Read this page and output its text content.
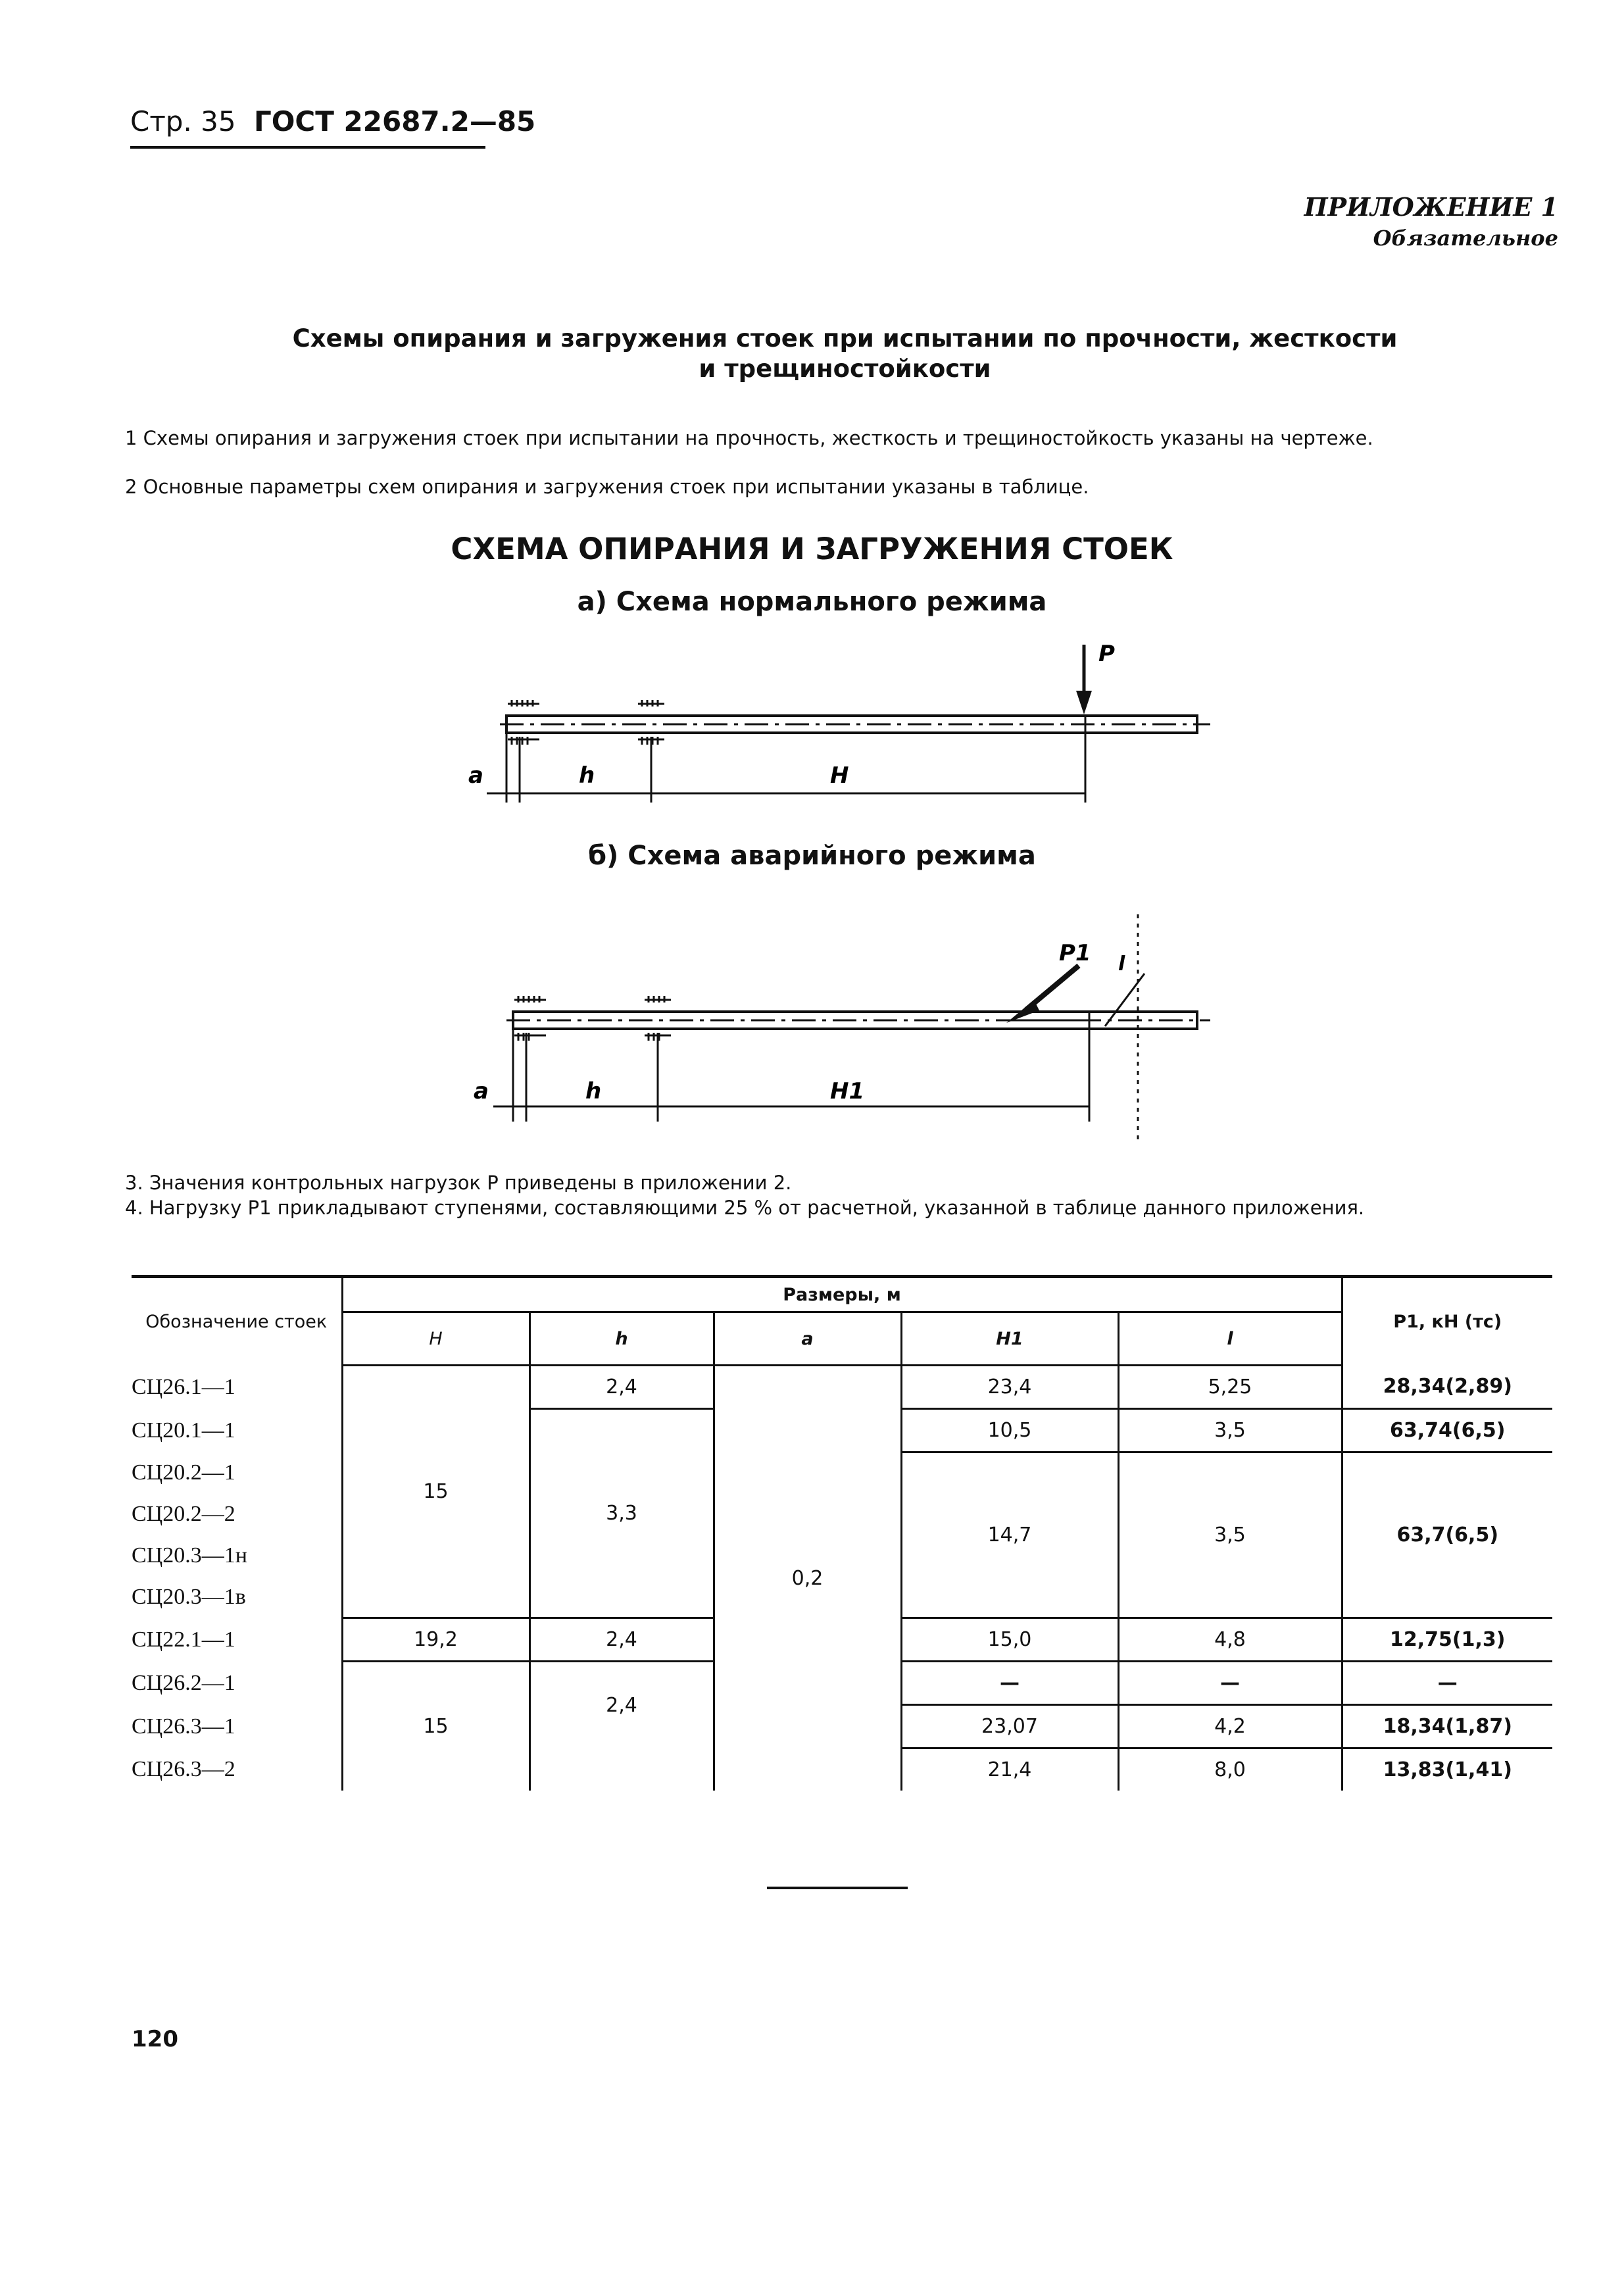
Стр. 35 ГОСТ 22687.2—85
ПРИЛОЖЕНИЕ 1
Обязательное
Схемы опирания и загружения стоек при испытании по прочности, жесткости
и трещиностойкости
1 Схемы опирания и загружения стоек при испытании на прочность, жесткость и трещиностойкость указаны на чертеже.
2 Основные параметры схем опирания и загружения стоек при испытании указаны в таблице.
СХЕМА ОПИРАНИЯ И ЗАГРУЖЕНИЯ СТОЕК
а) Схема нормального режима
P
a	h	H
б) Схема аварийного режима
P1 l
a	h	H1
3. Значения контрольных нагрузок P приведены в приложении 2.
4. Нагрузку P1 прикладывают ступенями, составляющими 25 % от расчетной, указанной в таблице данного приложения.
Обозначение стоек	Размеры, м					P1, кН (тс)
	H	h	a	H1	l	
СЦ26.1—1	15	2,4	0,2	23,4	5,25	28,34(2,89)
СЦ20.1—1		3,3		10,5	3,5	63,74(6,5)
СЦ20.2—1				14,7	3,5	63,7(6,5)
СЦ20.2—2						
СЦ20.3—1н						
СЦ20.3—1в						
СЦ22.1—1	19,2	2,4		15,0	4,8	12,75(1,3)
СЦ26.2—1	15	2,4		—	—	—
СЦ26.3—1				23,07	4,2	18,34(1,87)
СЦ26.3—2				21,4	8,0	13,83(1,41)
120
